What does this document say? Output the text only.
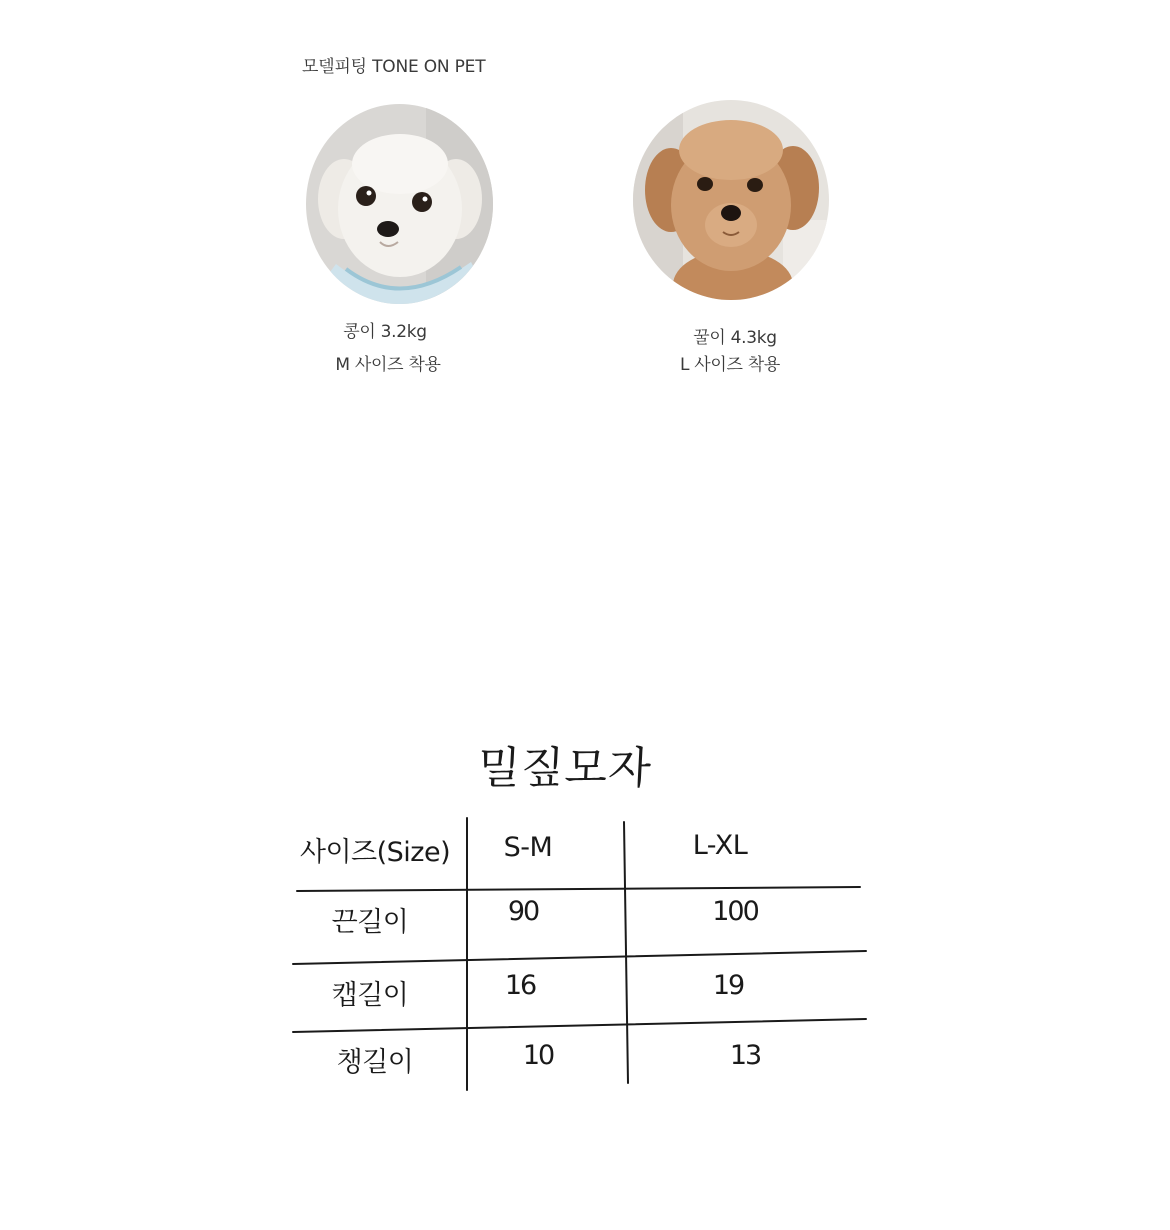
모델피팅 TONE ON PET
콩이 3.2kg
M 사이즈 착용
꿀이 4.3kg
L 사이즈 착용
밀짚모자
사이즈(Size)	S-M	L-XL
끈길이	90	100
캡길이	16	19
챙길이	10	13
